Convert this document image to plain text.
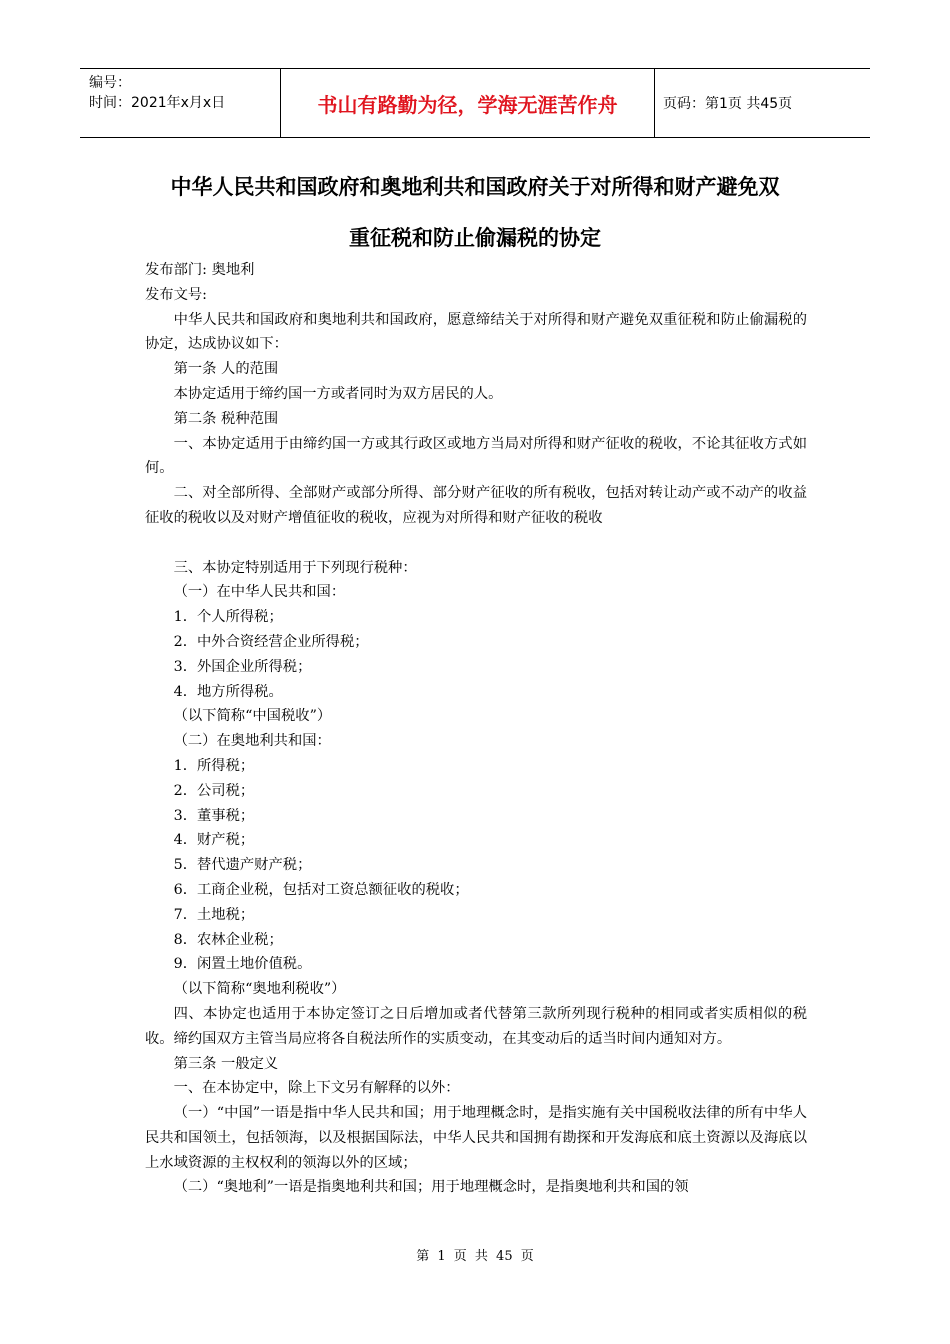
编号：
时间：2021年x月x日	书山有路勤为径，学海无涯苦作舟	页码：第1页 共45页
中华人民共和国政府和奥地利共和国政府关于对所得和财产避免双
重征税和防止偷漏税的协定

发布部门: 奥地利

发布文号:

中华人民共和国政府和奥地利共和国政府，愿意缔结关于对所得和财产避免双重征税和防止偷漏税的协定，达成协议如下：

第一条 人的范围

本协定适用于缔约国一方或者同时为双方居民的人。

第二条 税种范围

一、本协定适用于由缔约国一方或其行政区或地方当局对所得和财产征收的税收，不论其征收方式如何。

二、对全部所得、全部财产或部分所得、部分财产征收的所有税收，包括对转让动产或不动产的收益征收的税收以及对财产增值征收的税收，应视为对所得和财产征收的税收

三、本协定特别适用于下列现行税种：

（一）在中华人民共和国：

1．个人所得税；

2．中外合资经营企业所得税；

3．外国企业所得税；

4．地方所得税。

（以下简称“中国税收”）

（二）在奥地利共和国：

1．所得税；

2．公司税；

3．董事税；

4．财产税；

5．替代遗产财产税；

6．工商企业税，包括对工资总额征收的税收；

7．土地税；

8．农林企业税；

9．闲置土地价值税。

（以下简称“奥地利税收”）

四、本协定也适用于本协定签订之日后增加或者代替第三款所列现行税种的相同或者实质相似的税收。缔约国双方主管当局应将各自税法所作的实质变动，在其变动后的适当时间内通知对方。

第三条 一般定义

一、在本协定中，除上下文另有解释的以外：

（一）“中国”一语是指中华人民共和国；用于地理概念时，是指实施有关中国税收法律的所有中华人民共和国领土，包括领海，以及根据国际法，中华人民共和国拥有勘探和开发海底和底土资源以及海底以上水域资源的主权权利的领海以外的区域；

（二）“奥地利”一语是指奥地利共和国；用于地理概念时，是指奥地利共和国的领

第 1 页 共 45 页
